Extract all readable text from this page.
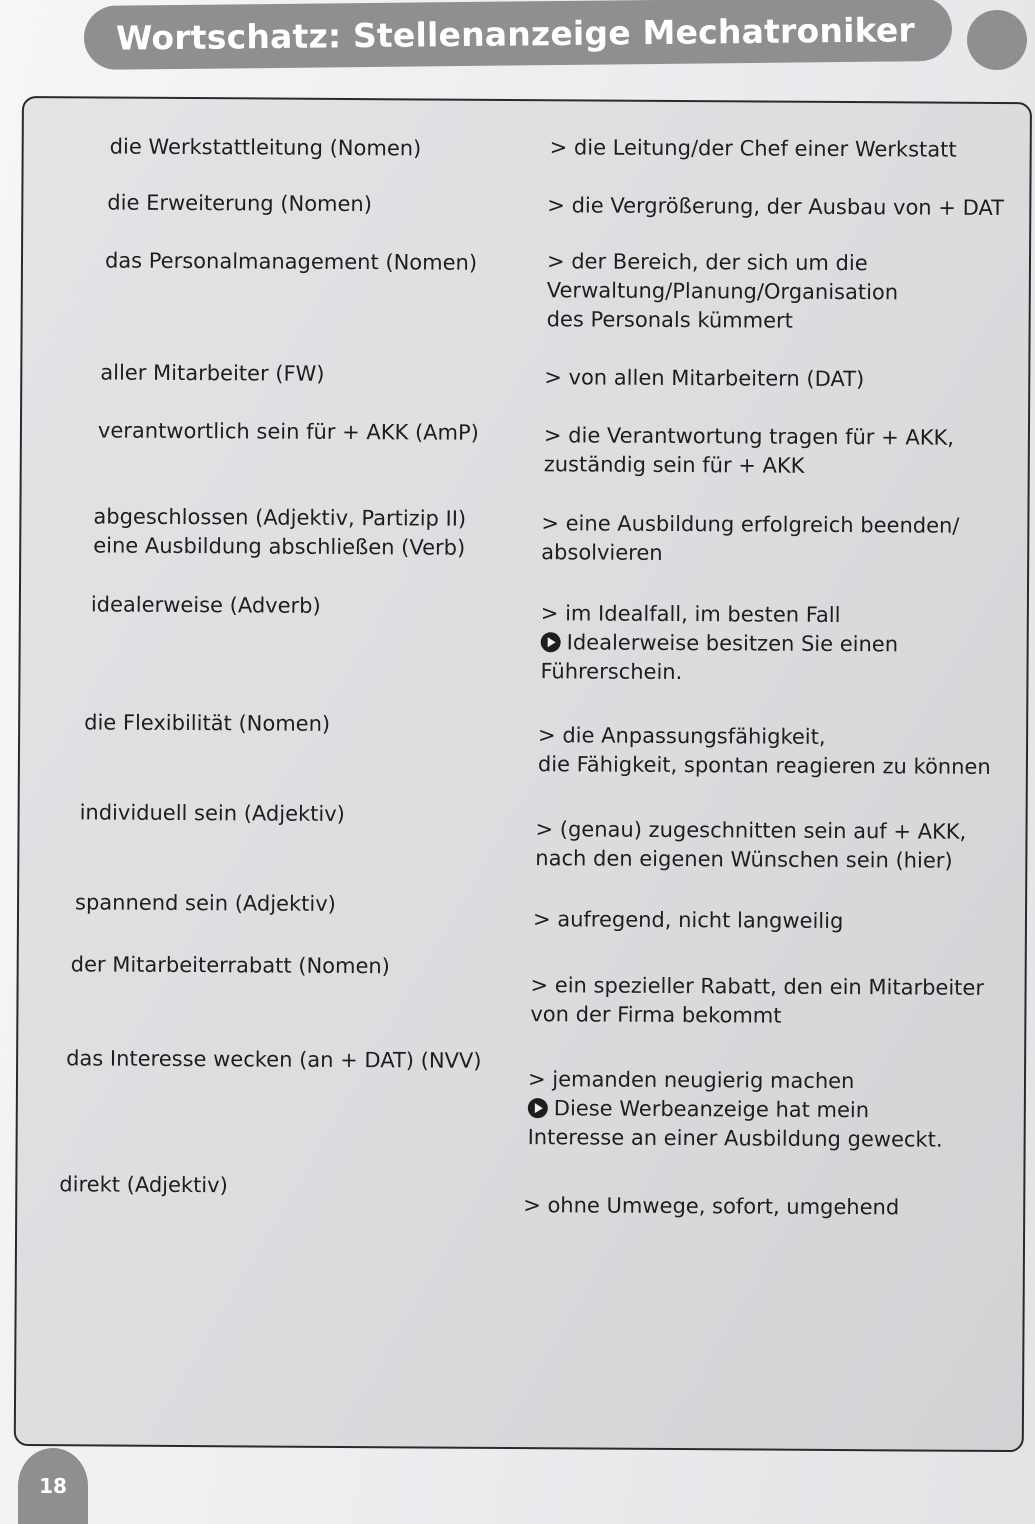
Wortschatz: Stellenanzeige Mechatroniker
die Werkstattleitung (Nomen)	> die Leitung/der Chef einer Werkstatt
die Erweiterung (Nomen)	> die Vergrößerung, der Ausbau von + DAT
das Personalmanagement (Nomen)	> der Bereich, der sich um die
Verwaltung/Planung/Organisation
des Personals kümmert
aller Mitarbeiter (FW)	> von allen Mitarbeitern (DAT)
verantwortlich sein für + AKK (AmP)	> die Verantwortung tragen für + AKK,
zuständig sein für + AKK
abgeschlossen (Adjektiv, Partizip II)
eine Ausbildung abschließen (Verb)
> eine Ausbildung erfolgreich beenden/
absolvieren
idealerweise (Adverb)	> im Idealfall, im besten Fall
Idealerweise besitzen Sie einen
Führerschein.
die Flexibilität (Nomen)
> die Anpassungsfähigkeit,
die Fähigkeit, spontan reagieren zu können
individuell sein (Adjektiv)
> (genau) zugeschnitten sein auf + AKK,
nach den eigenen Wünschen sein (hier)
spannend sein (Adjektiv)
> aufregend, nicht langweilig
der Mitarbeiterrabatt (Nomen)
> ein spezieller Rabatt, den ein Mitarbeiter
von der Firma bekommt
das Interesse wecken (an + DAT) (NVV)
> jemanden neugierig machen
Diese Werbeanzeige hat mein
Interesse an einer Ausbildung geweckt.
direkt (Adjektiv)
> ohne Umwege, sofort, umgehend
18
